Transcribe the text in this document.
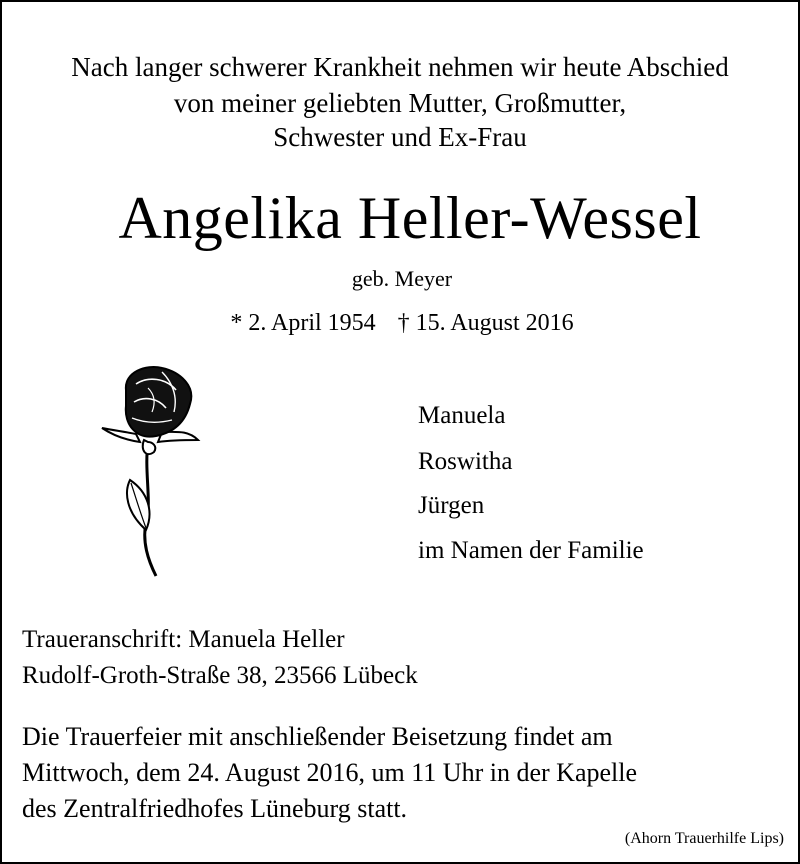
Nach langer schwerer Krankheit nehmen wir heute Abschied
von meiner geliebten Mutter, Großmutter,
Schwester und Ex-Frau
Angelika Heller-Wessel
geb. Meyer
* 2. April 1954 † 15. August 2016
Manuela
Roswitha
Jürgen
im Namen der Familie
Traueranschrift: Manuela Heller
Rudolf-Groth-Straße 38, 23566 Lübeck
Die Trauerfeier mit anschließender Beisetzung findet am
Mittwoch, dem 24. August 2016, um 11 Uhr in der Kapelle
des Zentralfriedhofes Lüneburg statt.
(Ahorn Trauerhilfe Lips)
